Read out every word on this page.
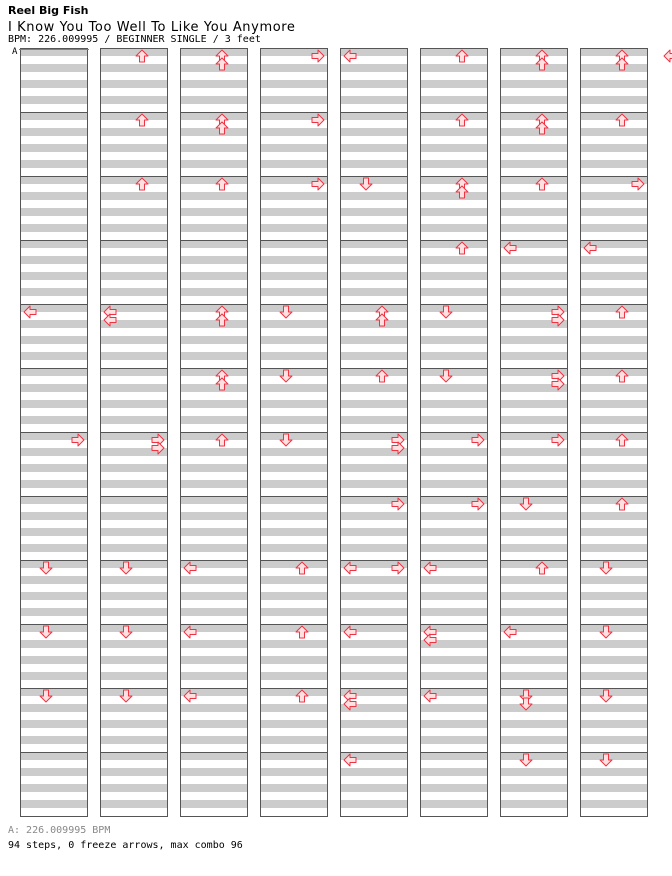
Reel Big Fish
I Know You Too Well To Like You Anymore
BPM: 226.009995 / BEGINNER SINGLE / 3 feet
A
A: 226.009995 BPM
94 steps, 0 freeze arrows, max combo 96
